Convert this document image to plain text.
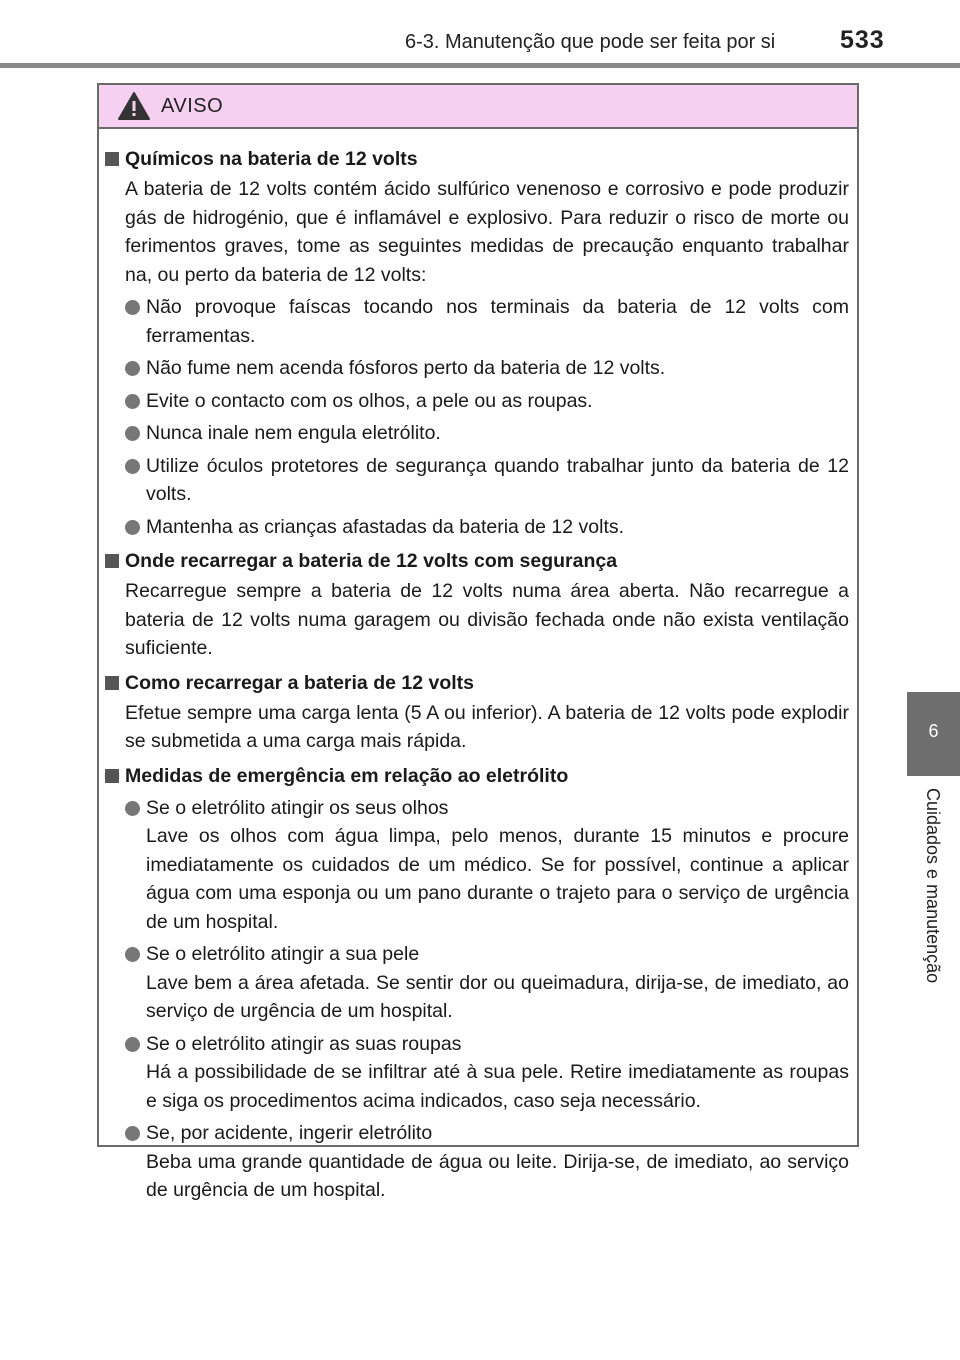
6-3. Manutenção que pode ser feita por si	533
6
Cuidados e manutenção
AVISO
Químicos na bateria de 12 volts
A bateria de 12 volts contém ácido sulfúrico venenoso e corrosivo e pode produzir gás de hidrogénio, que é inflamável e explosivo. Para reduzir o risco de morte ou ferimentos graves, tome as seguintes medidas de precaução enquanto trabalhar na, ou perto da bateria de 12 volts:
Não provoque faíscas tocando nos terminais da bateria de 12 volts com ferramentas.
Não fume nem acenda fósforos perto da bateria de 12 volts.
Evite o contacto com os olhos, a pele ou as roupas.
Nunca inale nem engula eletrólito.
Utilize óculos protetores de segurança quando trabalhar junto da bateria de 12 volts.
Mantenha as crianças afastadas da bateria de 12 volts.
Onde recarregar a bateria de 12 volts com segurança
Recarregue sempre a bateria de 12 volts numa área aberta. Não recarregue a bateria de 12 volts numa garagem ou divisão fechada onde não exista ventilação suficiente.
Como recarregar a bateria de 12 volts
Efetue sempre uma carga lenta (5 A ou inferior). A bateria de 12 volts pode explodir se submetida a uma carga mais rápida.
Medidas de emergência em relação ao eletrólito
Se o eletrólito atingir os seus olhos
Lave os olhos com água limpa, pelo menos, durante 15 minutos e procure imediatamente os cuidados de um médico. Se for possível, continue a aplicar água com uma esponja ou um pano durante o trajeto para o serviço de urgência de um hospital.
Se o eletrólito atingir a sua pele
Lave bem a área afetada. Se sentir dor ou queimadura, dirija-se, de imediato, ao serviço de urgência de um hospital.
Se o eletrólito atingir as suas roupas
Há a possibilidade de se infiltrar até à sua pele. Retire imediatamente as roupas e siga os procedimentos acima indicados, caso seja necessário.
Se, por acidente, ingerir eletrólito
Beba uma grande quantidade de água ou leite. Dirija-se, de imediato, ao serviço de urgência de um hospital.
